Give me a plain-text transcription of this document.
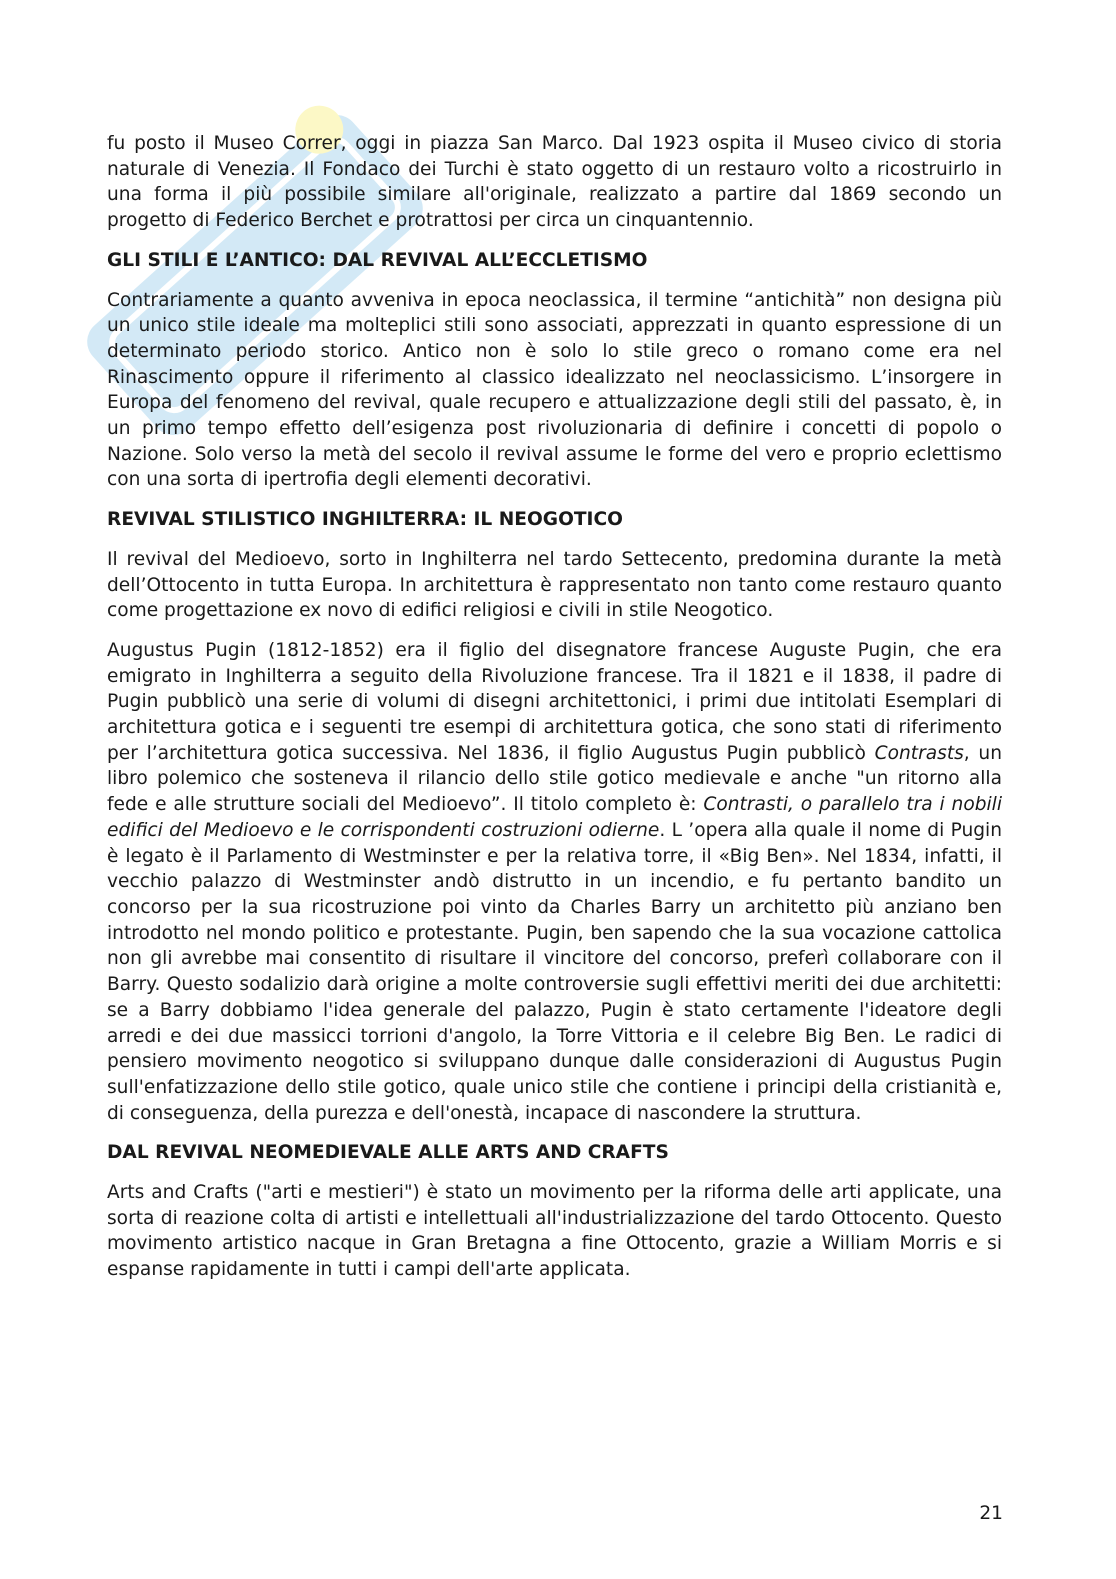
fu posto il Museo Correr, oggi in piazza San Marco. Dal 1923 ospita il Museo civico di storia naturale di Venezia. Il Fondaco dei Turchi è stato oggetto di un restauro volto a ricostruirlo in una forma il più possibile similare all'originale, realizzato a partire dal 1869 secondo un progetto di Federico Berchet e protrattosi per circa un cinquantennio.

GLI STILI E L’ANTICO: DAL REVIVAL ALL’ECCLETISMO

Contrariamente a quanto avveniva in epoca neoclassica, il termine “antichità” non designa più un unico stile ideale ma molteplici stili sono associati, apprezzati in quanto espressione di un determinato periodo storico. Antico non è solo lo stile greco o romano come era nel Rinascimento oppure il riferimento al classico idealizzato nel neoclassicismo. L’insorgere in Europa del fenomeno del revival, quale recupero e attualizzazione degli stili del passato, è, in un primo tempo effetto dell’esigenza post rivoluzionaria di definire i concetti di popolo o Nazione. Solo verso la metà del secolo il revival assume le forme del vero e proprio eclettismo con una sorta di ipertrofia degli elementi decorativi.

REVIVAL STILISTICO INGHILTERRA: IL NEOGOTICO

Il revival del Medioevo, sorto in Inghilterra nel tardo Settecento, predomina durante la metà dell’Ottocento in tutta Europa. In architettura è rappresentato non tanto come restauro quanto come progettazione ex novo di edifici religiosi e civili in stile Neogotico.

Augustus Pugin (1812-1852) era il figlio del disegnatore francese Auguste Pugin, che era emigrato in Inghilterra a seguito della Rivoluzione francese. Tra il 1821 e il 1838, il padre di Pugin pubblicò una serie di volumi di disegni architettonici, i primi due intitolati Esemplari di architettura gotica e i seguenti tre esempi di architettura gotica, che sono stati di riferimento per l’architettura gotica successiva. Nel 1836, il figlio Augustus Pugin pubblicò Contrasts, un libro polemico che sosteneva il rilancio dello stile gotico medievale e anche "un ritorno alla fede e alle strutture sociali del Medioevo”. Il titolo completo è: Contrasti, o parallelo tra i nobili edifici del Medioevo e le corrispondenti costruzioni odierne. L ’opera alla quale il nome di Pugin è legato è il Parlamento di Westminster e per la relativa torre, il «Big Ben». Nel 1834, infatti, il vecchio palazzo di Westminster andò distrutto in un incendio, e fu pertanto bandito un concorso per la sua ricostruzione poi vinto da Charles Barry un architetto più anziano ben introdotto nel mondo politico e protestante. Pugin, ben sapendo che la sua vocazione cattolica non gli avrebbe mai consentito di risultare il vincitore del concorso, preferì collaborare con il Barry. Questo sodalizio darà origine a molte controversie sugli effettivi meriti dei due architetti: se a Barry dobbiamo l'idea generale del palazzo, Pugin è stato certamente l'ideatore degli arredi e dei due massicci torrioni d'angolo, la Torre Vittoria e il celebre Big Ben. Le radici di pensiero movimento neogotico si sviluppano dunque dalle considerazioni di Augustus Pugin sull'enfatizzazione dello stile gotico, quale unico stile che contiene i principi della cristianità e, di conseguenza, della purezza e dell'onestà, incapace di nascondere la struttura.

DAL REVIVAL NEOMEDIEVALE ALLE ARTS AND CRAFTS

Arts and Crafts ("arti e mestieri") è stato un movimento per la riforma delle arti applicate, una sorta di reazione colta di artisti e intellettuali all'industrializzazione del tardo Ottocento. Questo movimento artistico nacque in Gran Bretagna a fine Ottocento, grazie a William Morris e si espanse rapidamente in tutti i campi dell'arte applicata.

21
